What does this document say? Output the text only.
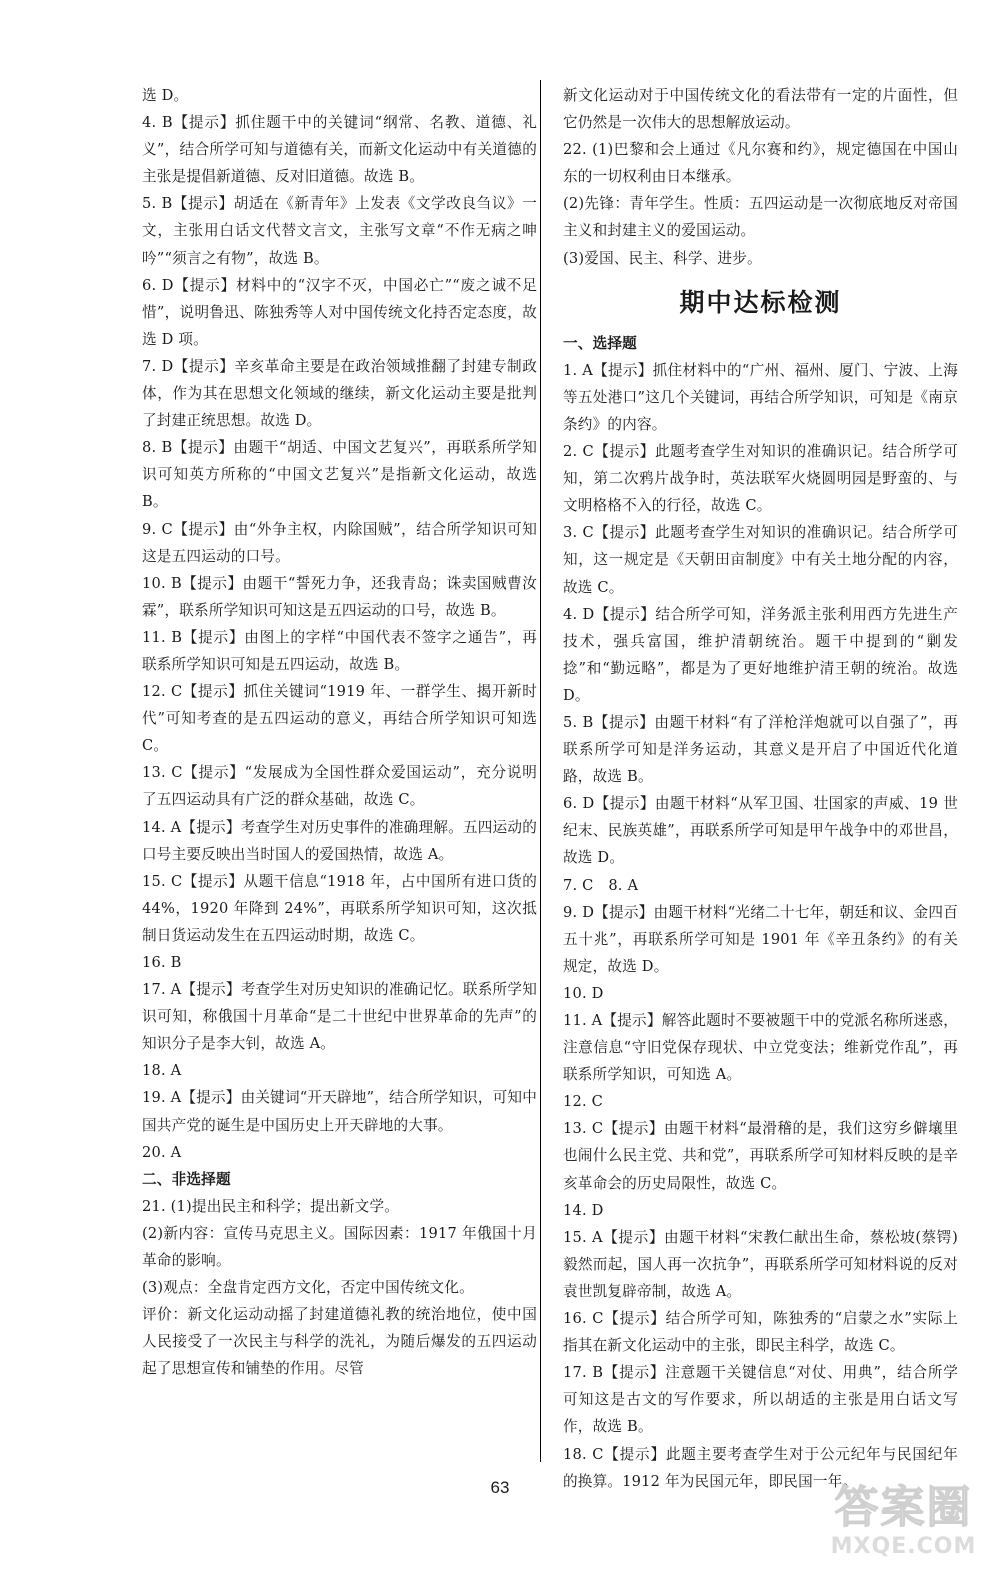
选 D。

4. B【提示】抓住题干中的关键词“纲常、名教、道德、礼义”，结合所学可知与道德有关，而新文化运动中有关道德的主张是提倡新道德、反对旧道德。故选 B。

5. B【提示】胡适在《新青年》上发表《文学改良刍议》一文，主张用白话文代替文言文，主张写文章“不作无病之呻吟”“须言之有物”，故选 B。

6. D【提示】材料中的“汉字不灭，中国必亡”“废之诚不足惜”，说明鲁迅、陈独秀等人对中国传统文化持否定态度，故选 D 项。

7. D【提示】辛亥革命主要是在政治领域推翻了封建专制政体，作为其在思想文化领域的继续，新文化运动主要是批判了封建正统思想。故选 D。

8. B【提示】由题干“胡适、中国文艺复兴”，再联系所学知识可知英方所称的“中国文艺复兴”是指新文化运动，故选 B。

9. C【提示】由“外争主权，内除国贼”，结合所学知识可知这是五四运动的口号。

10. B【提示】由题干“誓死力争，还我青岛；诛卖国贼曹汝霖”，联系所学知识可知这是五四运动的口号，故选 B。

11. B【提示】由图上的字样“中国代表不签字之通告”，再联系所学知识可知是五四运动，故选 B。

12. C【提示】抓住关键词“1919 年、一群学生、揭开新时代”可知考查的是五四运动的意义，再结合所学知识可知选 C。

13. C【提示】“发展成为全国性群众爱国运动”，充分说明了五四运动具有广泛的群众基础，故选 C。

14. A【提示】考查学生对历史事件的准确理解。五四运动的口号主要反映出当时国人的爱国热情，故选 A。

15. C【提示】从题干信息“1918 年，占中国所有进口货的 44%，1920 年降到 24%”，再联系所学知识可知，这次抵制日货运动发生在五四运动时期，故选 C。

16. B

17. A【提示】考查学生对历史知识的准确记忆。联系所学知识可知，称俄国十月革命“是二十世纪中世界革命的先声”的知识分子是李大钊，故选 A。

18. A

19. A【提示】由关键词“开天辟地”，结合所学知识，可知中国共产党的诞生是中国历史上开天辟地的大事。

20. A

二、非选择题

21. (1)提出民主和科学；提出新文学。

(2)新内容：宣传马克思主义。国际因素：1917 年俄国十月革命的影响。

(3)观点：全盘肯定西方文化，否定中国传统文化。

评价：新文化运动动摇了封建道德礼教的统治地位，使中国人民接受了一次民主与科学的洗礼，为随后爆发的五四运动起了思想宣传和铺垫的作用。尽管

新文化运动对于中国传统文化的看法带有一定的片面性，但它仍然是一次伟大的思想解放运动。

22. (1)巴黎和会上通过《凡尔赛和约》，规定德国在中国山东的一切权利由日本继承。

(2)先锋：青年学生。性质：五四运动是一次彻底地反对帝国主义和封建主义的爱国运动。

(3)爱国、民主、科学、进步。

期中达标检测

一、选择题

1. A【提示】抓住材料中的“广州、福州、厦门、宁波、上海等五处港口”这几个关键词，再结合所学知识，可知是《南京条约》的内容。

2. C【提示】此题考查学生对知识的准确识记。结合所学可知，第二次鸦片战争时，英法联军火烧圆明园是野蛮的、与文明格格不入的行径，故选 C。

3. C【提示】此题考查学生对知识的准确识记。结合所学可知，这一规定是《天朝田亩制度》中有关土地分配的内容，故选 C。

4. D【提示】结合所学可知，洋务派主张利用西方先进生产技术，强兵富国，维护清朝统治。题干中提到的“剿发捻”和“勤远略”，都是为了更好地维护清王朝的统治。故选 D。

5. B【提示】由题干材料“有了洋枪洋炮就可以自强了”，再联系所学可知是洋务运动，其意义是开启了中国近代化道路，故选 B。

6. D【提示】由题干材料“从军卫国、壮国家的声威、19 世纪末、民族英雄”，再联系所学可知是甲午战争中的邓世昌，故选 D。

7. C　8. A

9. D【提示】由题干材料“光绪二十七年，朝廷和议、金四百五十兆”，再联系所学可知是 1901 年《辛丑条约》的有关规定，故选 D。

10. D

11. A【提示】解答此题时不要被题干中的党派名称所迷惑，注意信息“守旧党保存现状、中立党变法；维新党作乱”，再联系所学知识，可知选 A。

12. C

13. C【提示】由题干材料“最滑稽的是，我们这穷乡僻壤里也闹什么民主党、共和党”，再联系所学可知材料反映的是辛亥革命会的历史局限性，故选 C。

14. D

15. A【提示】由题干材料“宋教仁献出生命，蔡松坡(蔡锷)毅然而起，国人再一次抗争”，再联系所学可知材料说的反对袁世凯复辟帝制，故选 A。

16. C【提示】结合所学可知，陈独秀的“启蒙之水”实际上指其在新文化运动中的主张，即民主科学，故选 C。

17. B【提示】注意题干关键信息“对仗、用典”，结合所学可知这是古文的写作要求，所以胡适的主张是用白话文写作，故选 B。

18. C【提示】此题主要考查学生对于公元纪年与民国纪年的换算。1912 年为民国元年，即民国一年。

63	答案圈
MXQE.COM
